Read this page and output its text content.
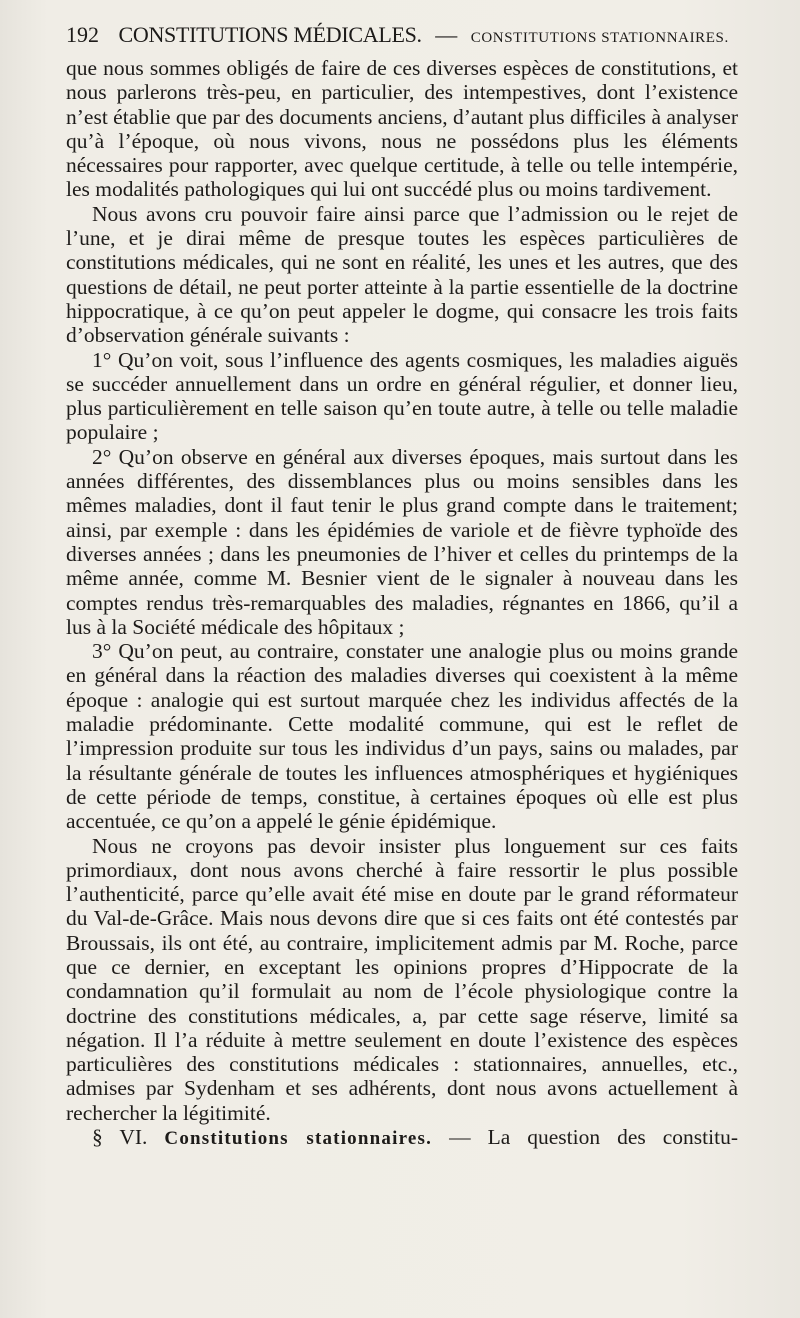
192 CONSTITUTIONS MÉDICALES. — CONSTITUTIONS STATIONNAIRES.

que nous sommes obligés de faire de ces diverses espèces de constitutions, et nous parlerons très-peu, en particulier, des intempestives, dont l’existence n’est établie que par des documents anciens, d’autant plus difficiles à analyser qu’à l’époque, où nous vivons, nous ne possédons plus les éléments nécessaires pour rapporter, avec quelque certitude, à telle ou telle intempérie, les modalités pathologiques qui lui ont succédé plus ou moins tardivement.

Nous avons cru pouvoir faire ainsi parce que l’admission ou le rejet de l’une, et je dirai même de presque toutes les espèces particulières de constitutions médicales, qui ne sont en réalité, les unes et les autres, que des questions de détail, ne peut porter atteinte à la partie essentielle de la doctrine hippocratique, à ce qu’on peut appeler le dogme, qui consacre les trois faits d’observation générale suivants :

1° Qu’on voit, sous l’influence des agents cosmiques, les maladies aiguës se succéder annuellement dans un ordre en général régulier, et donner lieu, plus particulièrement en telle saison qu’en toute autre, à telle ou telle maladie populaire ;

2° Qu’on observe en général aux diverses époques, mais surtout dans les années différentes, des dissemblances plus ou moins sensibles dans les mêmes maladies, dont il faut tenir le plus grand compte dans le traitement; ainsi, par exemple : dans les épidémies de variole et de fièvre typhoïde des diverses années ; dans les pneumonies de l’hiver et celles du printemps de la même année, comme M. Besnier vient de le signaler à nouveau dans les comptes rendus très-remarquables des maladies, régnantes en 1866, qu’il a lus à la Société médicale des hôpitaux ;

3° Qu’on peut, au contraire, constater une analogie plus ou moins grande en général dans la réaction des maladies diverses qui coexistent à la même époque : analogie qui est surtout marquée chez les individus affectés de la maladie prédominante. Cette modalité commune, qui est le reflet de l’impression produite sur tous les individus d’un pays, sains ou malades, par la résultante générale de toutes les influences atmosphériques et hygiéniques de cette période de temps, constitue, à certaines époques où elle est plus accentuée, ce qu’on a appelé le génie épidémique.

Nous ne croyons pas devoir insister plus longuement sur ces faits primordiaux, dont nous avons cherché à faire ressortir le plus possible l’authenticité, parce qu’elle avait été mise en doute par le grand réformateur du Val-de-Grâce. Mais nous devons dire que si ces faits ont été contestés par Broussais, ils ont été, au contraire, implicitement admis par M. Roche, parce que ce dernier, en exceptant les opinions propres d’Hippocrate de la condamnation qu’il formulait au nom de l’école physiologique contre la doctrine des constitutions médicales, a, par cette sage réserve, limité sa négation. Il l’a réduite à mettre seulement en doute l’existence des espèces particulières des constitutions médicales : stationnaires, annuelles, etc., admises par Sydenham et ses adhérents, dont nous avons actuellement à rechercher la légitimité.

§ VI. Constitutions stationnaires. — La question des constitu-
